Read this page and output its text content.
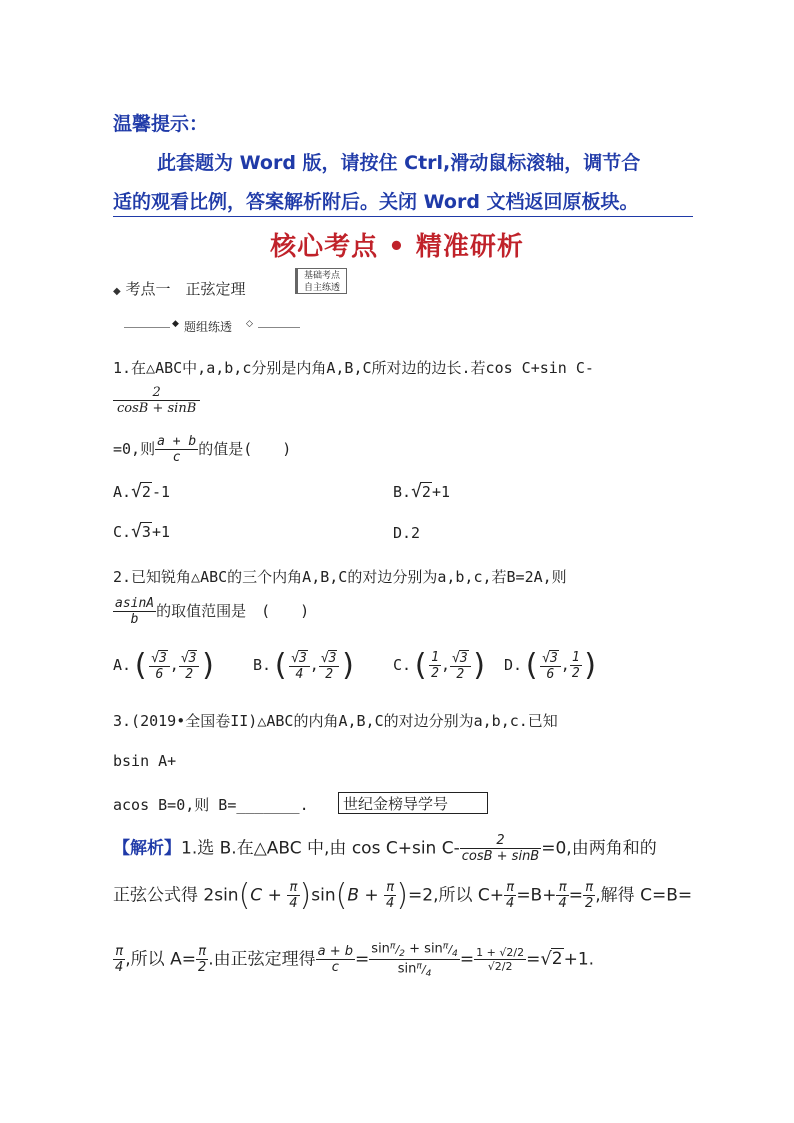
温馨提示：
此套题为 Word 版，请按住 Ctrl,滑动鼠标滚轴，调节合
适的观看比例，答案解析附后。关闭 Word 文档返回原板块。
核心考点 • 精准研析
◆ 考点一　正弦定理
基础考点
自主练透
◆ 题组练透 ◇
1.在△ABC中,a,b,c分别是内角A,B,C所对边的边长.若cos C+sin C-
$\frac{2}{\cos B + \sin B}$
=0,则 $\frac{a + b}{c}$ 的值是(　　)
A.√2-1	B.√2+1
C.√3+1	D.2
2.已知锐角△ABC的三个内角A,B,C的对边分别为a,b,c,若B=2A,则
$\frac{asinA}{b}$ 的取值范围是　(　　)
$A.( \frac{√3}{6}$ , $\frac{√3}{2}$ ) $B.( \frac{√3}{4}$ , $\frac{√3}{2}$ ) $C.( \frac{1}{2}$ , $\frac{√3}{2}$ ) $D.( \frac{√3}{6}$ , $\frac{1}{2}$ )
3.(2019•全国卷II)△ABC的内角A,B,C的对边分别为a,b,c.已知
bsin A+
acos B=0,则 B=_______.	世纪金榜导学号
【解析】1.选 B.在△ABC 中,由 cos C+sin $C- \frac{2}{\cos B + \sin B} =0$,由两角和的
正弦公式得 $2\sin(C + \frac{\pi}{4} )\sin(B + \frac{\pi}{4} )=2$,所以 $C+ \frac{\pi}{4} =B+ \frac{\pi}{4} = \frac{\pi}{2}$ ,解得 C=B=
$\frac{\pi}{4}$ ,所以 $A= \frac{\pi}{2}$ .由正弦定理得 $\frac{a + b}{c} = \frac{\sin^\pi/_2 + \sin^\pi/_4}{\sin^\pi/_4} = \frac{1 + √2/2}{√2/2} =√2+1$.
